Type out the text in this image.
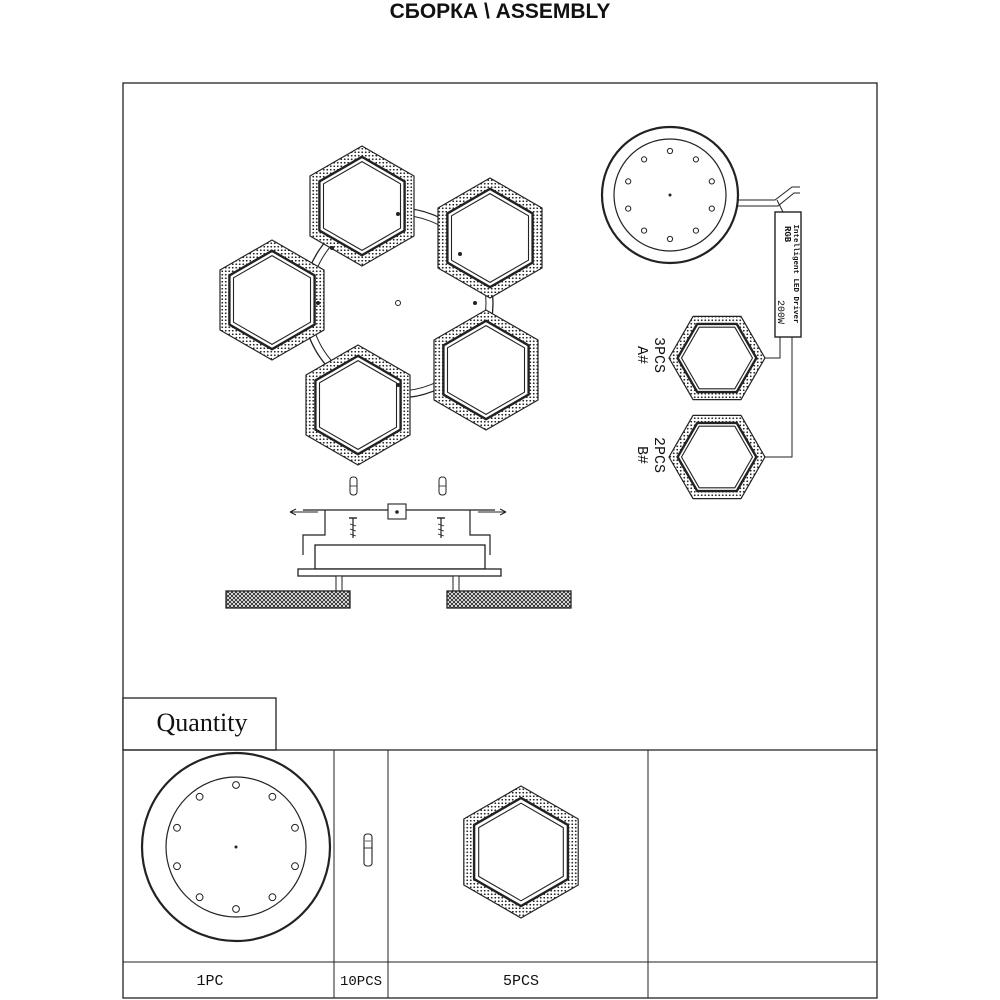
СБОРКА \ ASSEMBLY
Intelligent LED Driver
RGB
200W
3PCS
A#
2PCS
B#
Quantity
1PC	10PCS	5PCS
